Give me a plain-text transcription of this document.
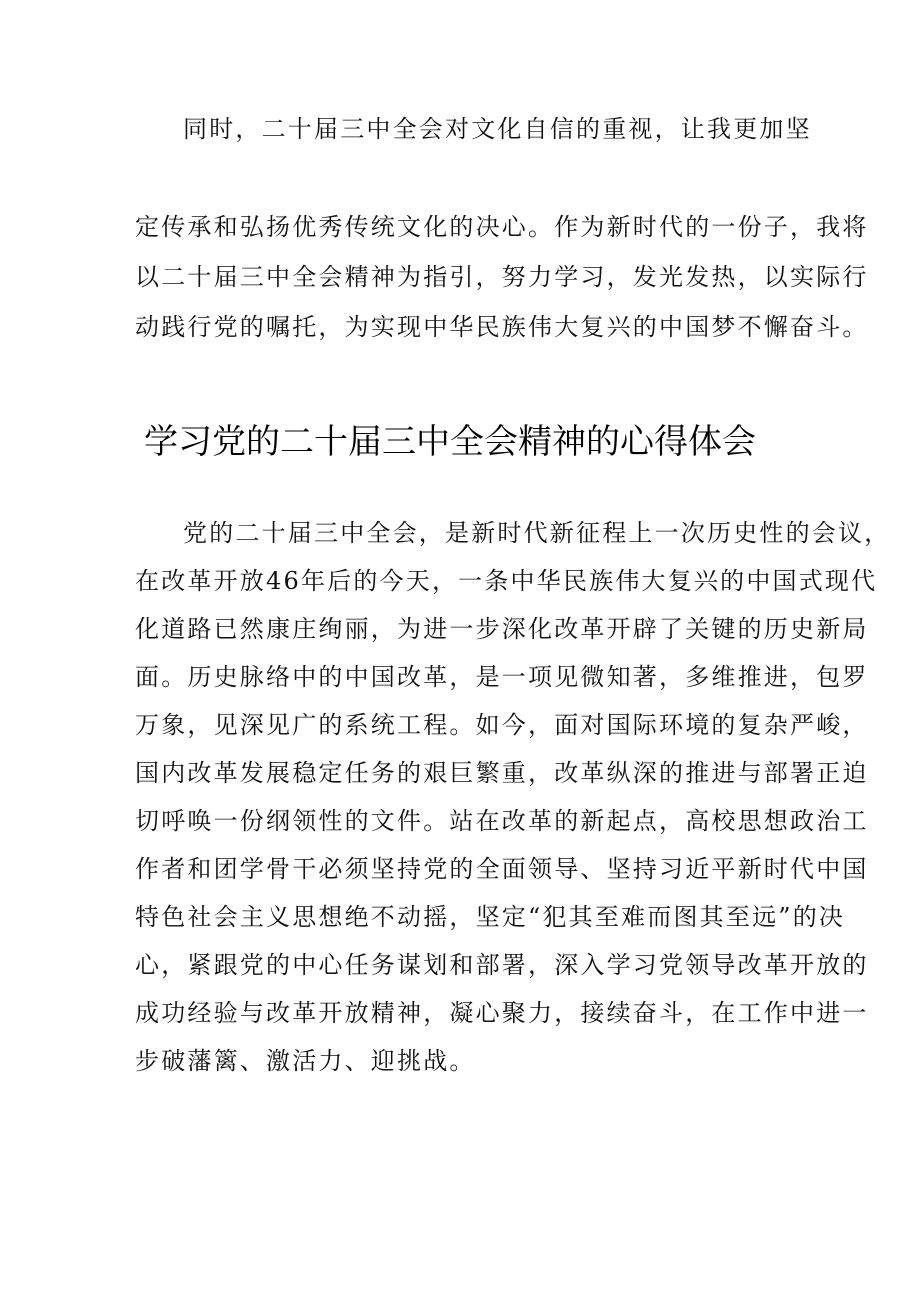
同时，二十届三中全会对文化自信的重视，让我更加坚
定传承和弘扬优秀传统文化的决心。作为新时代的一份子，我将
以二十届三中全会精神为指引，努力学习，发光发热，以实际行
动践行党的嘱托，为实现中华民族伟大复兴的中国梦不懈奋斗。
学习党的二十届三中全会精神的心得体会
党的二十届三中全会，是新时代新征程上一次历史性的会议，
在改革开放46年后的今天，一条中华民族伟大复兴的中国式现代
化道路已然康庄绚丽，为进一步深化改革开辟了关键的历史新局
面。历史脉络中的中国改革，是一项见微知著，多维推进，包罗
万象，见深见广的系统工程。如今，面对国际环境的复杂严峻，
国内改革发展稳定任务的艰巨繁重，改革纵深的推进与部署正迫
切呼唤一份纲领性的文件。站在改革的新起点，高校思想政治工
作者和团学骨干必须坚持党的全面领导、坚持习近平新时代中国
特色社会主义思想绝不动摇，坚定“犯其至难而图其至远”的决
心，紧跟党的中心任务谋划和部署，深入学习党领导改革开放的
成功经验与改革开放精神，凝心聚力，接续奋斗，在工作中进一
步破藩篱、激活力、迎挑战。
